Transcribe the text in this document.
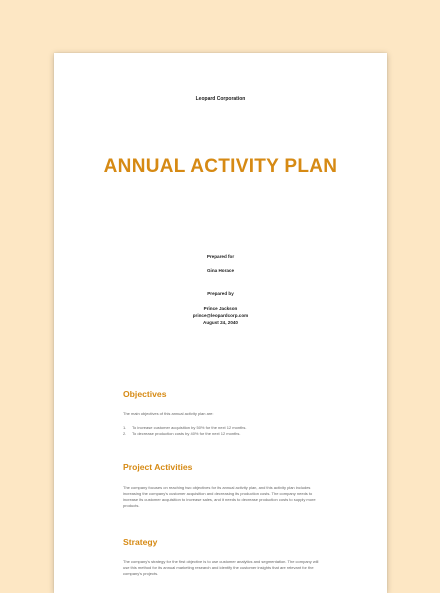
Leopard Corporation
ANNUAL ACTIVITY PLAN
Prepared for
Gina Horace
Prepared by
Prince Jackson
prince@leopardcorp.com
August 24, 2040
Objectives

The main objectives of this annual activity plan are:

1. To increase customer acquisition by 50% for the next 12 months.
2. To decrease production costs by 40% for the next 12 months.
Project Activities

The company focuses on reaching two objectives for its annual activity plan, and this activity plan includes increasing the company's customer acquisition and decreasing its production costs. The company needs to increase its customer acquisition to increase sales, and it needs to decrease production costs to supply more products.

Strategy

The company's strategy for the first objective is to use customer analytics and segmentation. The company will use this method for its annual marketing research and identify the customer insights that are relevant for the company's projects.
